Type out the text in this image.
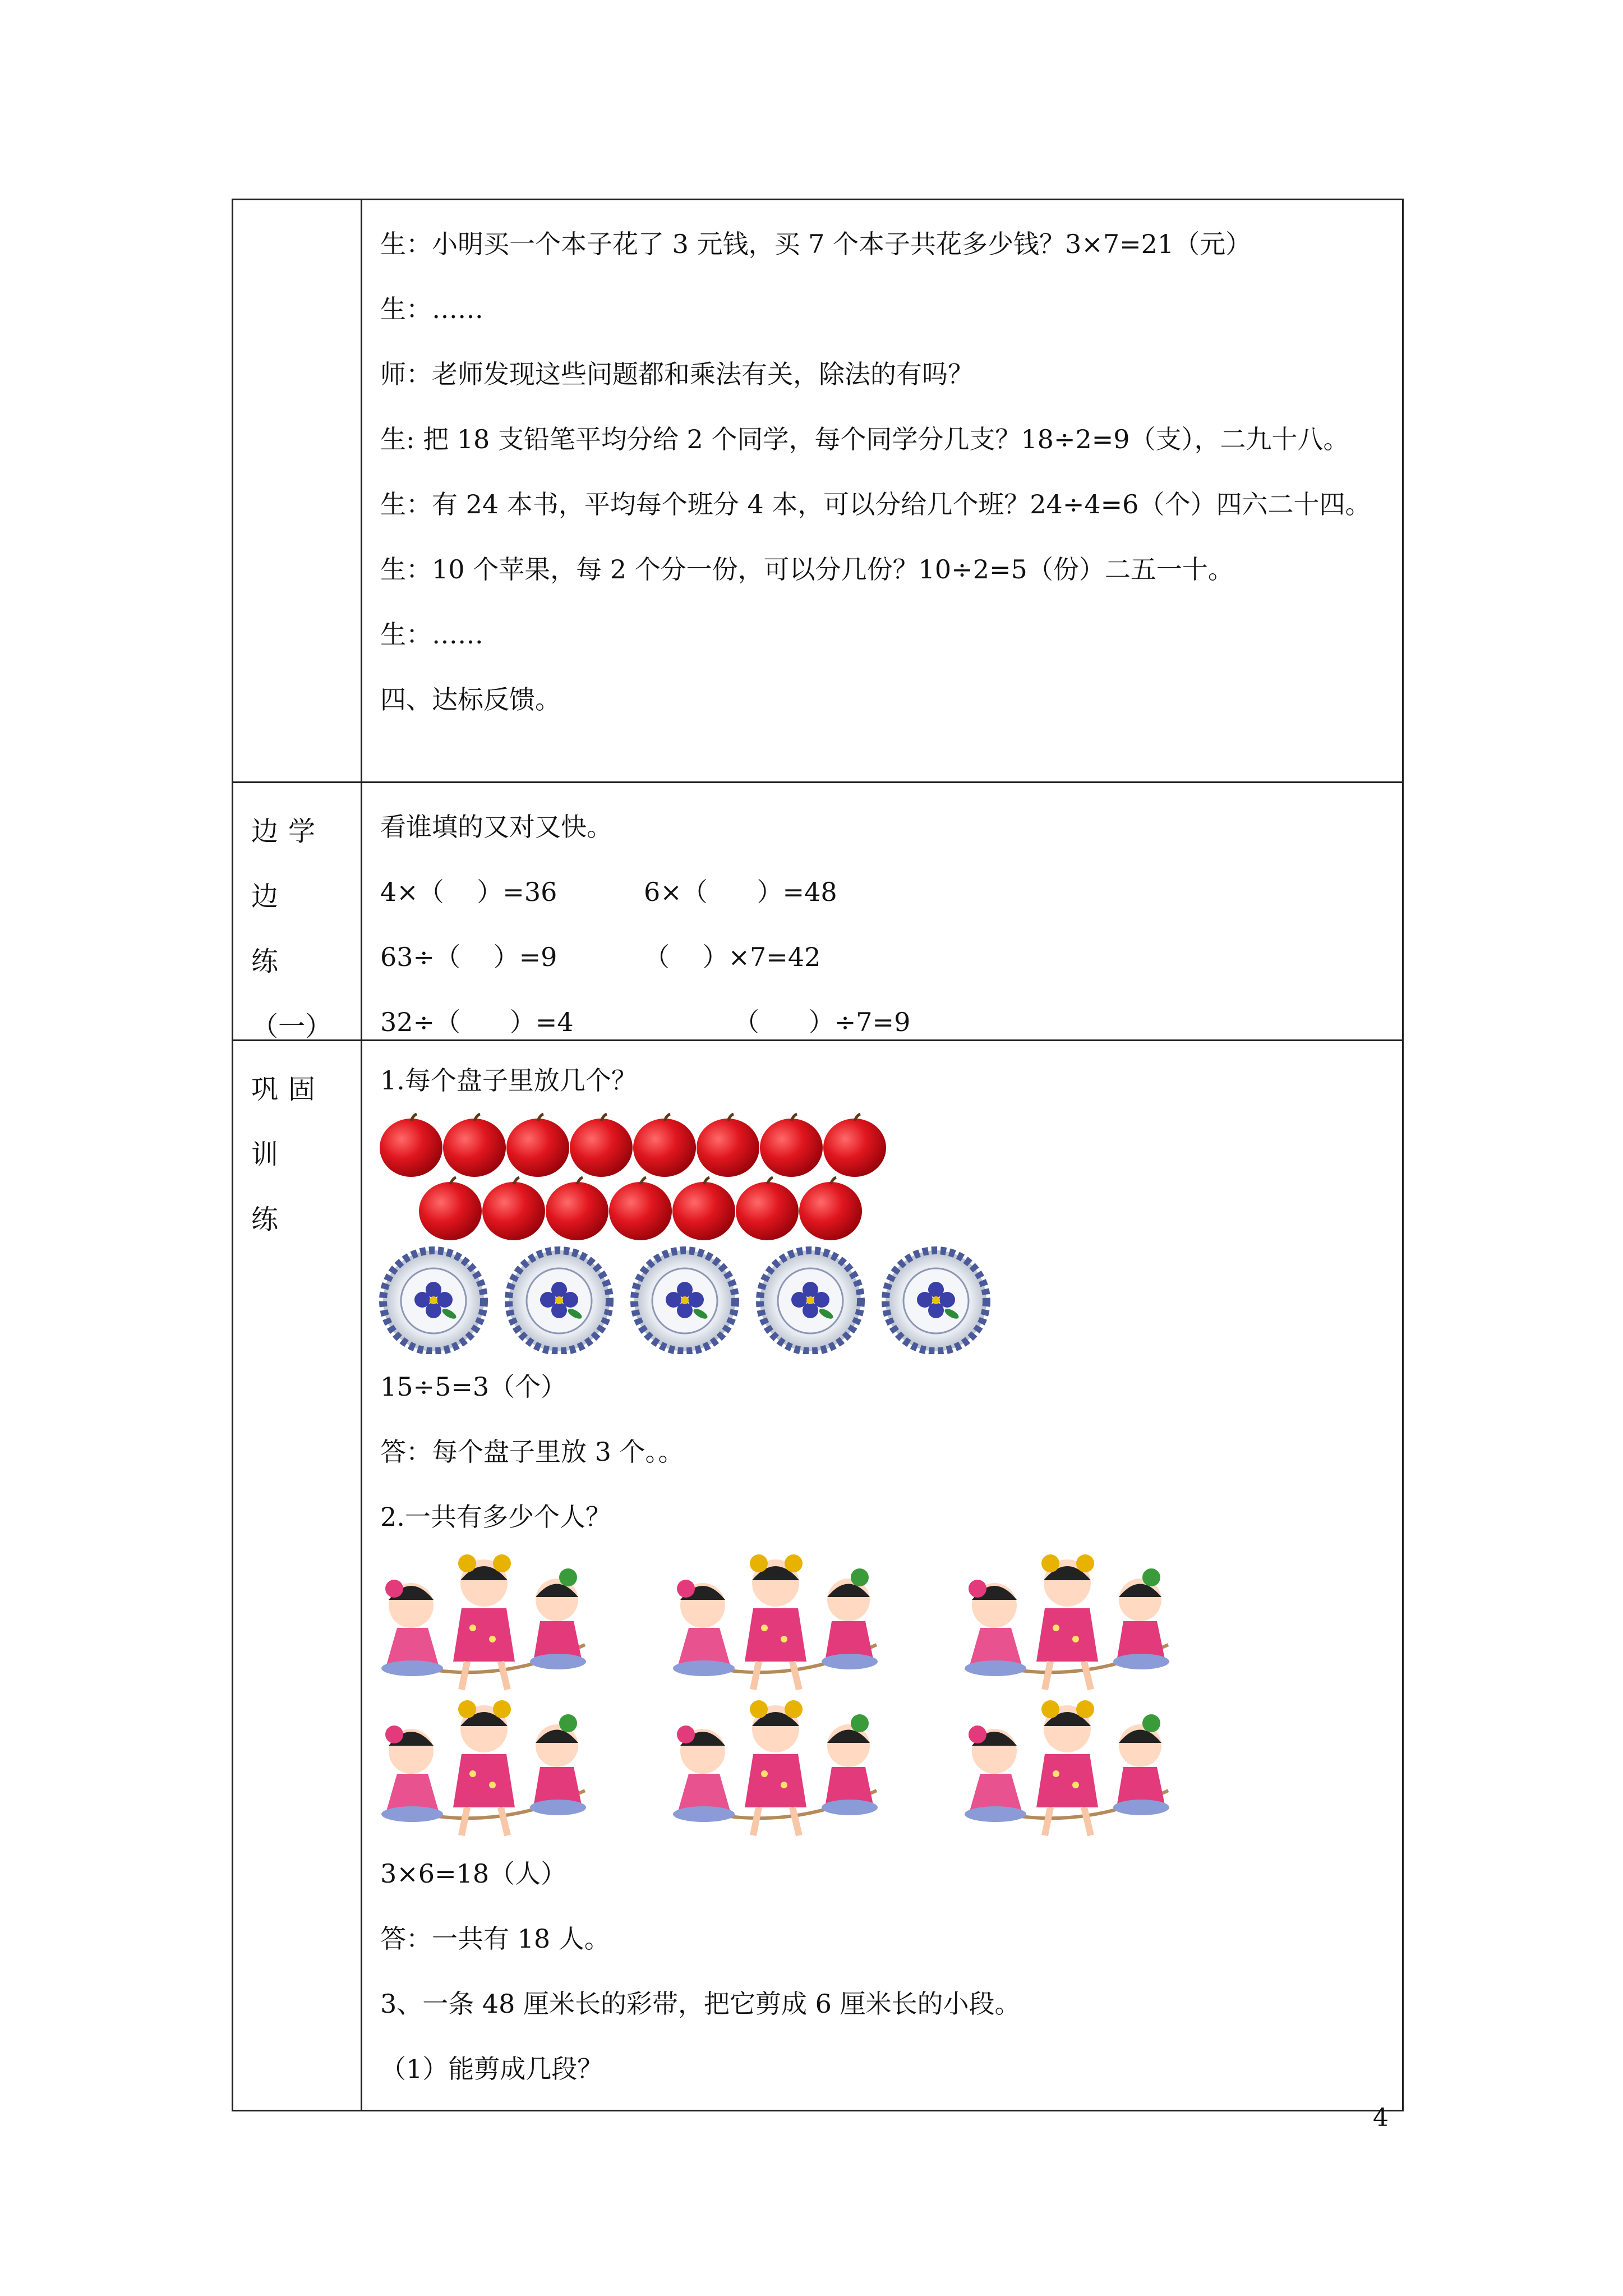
生：小明买一个本子花了 3 元钱，买 7 个本子共花多少钱？3×7=21（元）
生：……
师：老师发现这些问题都和乘法有关，除法的有吗？
生: 把 18 支铅笔平均分给 2 个同学，每个同学分几支？18÷2=9（支），二九十八。
生：有 24 本书，平均每个班分 4 本，可以分给几个班？24÷4=6（个）四六二十四。
生：10 个苹果，每 2 个分一份，可以分几份？10÷2=5（份）二五一十。
生：……
四、达标反馈。
边学边
练
（一）
看谁填的又对又快。
4×（    ）=36	6×（      ）=48
63÷（    ）=9	（    ）×7=42
32÷（      ）=4	（      ）÷7=9
巩固训
练
1.每个盘子里放几个？
15÷5=3（个）
答：每个盘子里放 3 个。。
2.一共有多少个人？
3×6=18（人）
答：一共有 18 人。
3、一条 48 厘米长的彩带，把它剪成 6 厘米长的小段。
（1）能剪成几段？
4
